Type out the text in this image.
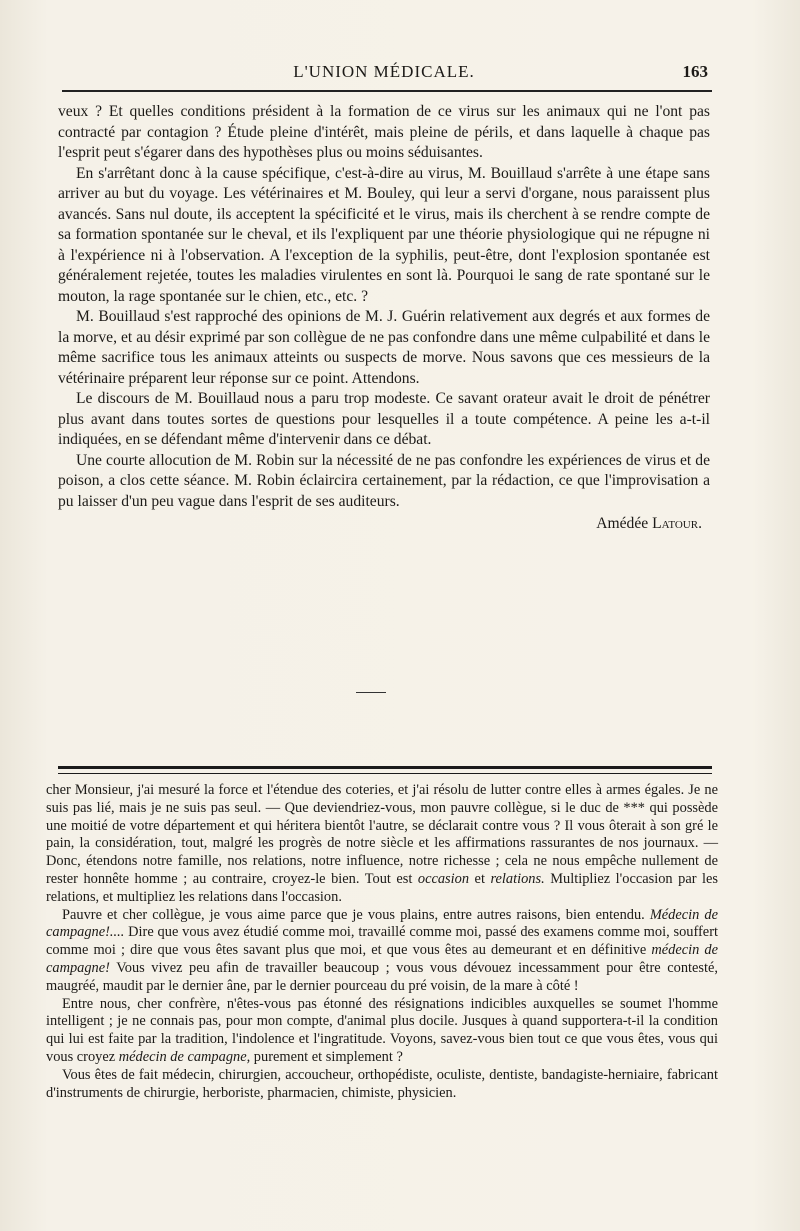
L'UNION MÉDICALE.	163

veux ? Et quelles conditions président à la formation de ce virus sur les animaux qui ne l'ont pas contracté par contagion ? Étude pleine d'intérêt, mais pleine de périls, et dans laquelle à chaque pas l'esprit peut s'égarer dans des hypothèses plus ou moins séduisantes.

En s'arrêtant donc à la cause spécifique, c'est-à-dire au virus, M. Bouillaud s'arrête à une étape sans arriver au but du voyage. Les vétérinaires et M. Bouley, qui leur a servi d'organe, nous paraissent plus avancés. Sans nul doute, ils acceptent la spécificité et le virus, mais ils cherchent à se rendre compte de sa formation spontanée sur le cheval, et ils l'expliquent par une théorie physiologique qui ne répugne ni à l'expérience ni à l'observation. A l'exception de la syphilis, peut-être, dont l'explosion spontanée est généralement rejetée, toutes les maladies virulentes en sont là. Pourquoi le sang de rate spontané sur le mouton, la rage spontanée sur le chien, etc., etc. ?

M. Bouillaud s'est rapproché des opinions de M. J. Guérin relativement aux degrés et aux formes de la morve, et au désir exprimé par son collègue de ne pas confondre dans une même culpabilité et dans le même sacrifice tous les animaux atteints ou suspects de morve. Nous savons que ces messieurs de la vétérinaire préparent leur réponse sur ce point. Attendons.

Le discours de M. Bouillaud nous a paru trop modeste. Ce savant orateur avait le droit de pénétrer plus avant dans toutes sortes de questions pour lesquelles il a toute compétence. A peine les a-t-il indiquées, en se défendant même d'intervenir dans ce débat.

Une courte allocution de M. Robin sur la nécessité de ne pas confondre les expériences de virus et de poison, a clos cette séance. M. Robin éclaircira certainement, par la rédaction, ce que l'improvisation a pu laisser d'un peu vague dans l'esprit de ses auditeurs.

Amédée Latour.

cher Monsieur, j'ai mesuré la force et l'étendue des coteries, et j'ai résolu de lutter contre elles à armes égales. Je ne suis pas lié, mais je ne suis pas seul. — Que deviendriez-vous, mon pauvre collègue, si le duc de *** qui possède une moitié de votre département et qui héritera bientôt l'autre, se déclarait contre vous ? Il vous ôterait à son gré le pain, la considération, tout, malgré les progrès de notre siècle et les affirmations rassurantes de nos journaux. — Donc, étendons notre famille, nos relations, notre influence, notre richesse ; cela ne nous empêche nullement de rester honnête homme ; au contraire, croyez-le bien. Tout est occasion et relations. Multipliez l'occasion par les relations, et multipliez les relations dans l'occasion.

Pauvre et cher collègue, je vous aime parce que je vous plains, entre autres raisons, bien entendu. Médecin de campagne!.... Dire que vous avez étudié comme moi, travaillé comme moi, passé des examens comme moi, souffert comme moi ; dire que vous êtes savant plus que moi, et que vous êtes au demeurant et en définitive médecin de campagne! Vous vivez peu afin de travailler beaucoup ; vous vous dévouez incessamment pour être contesté, maugréé, maudit par le dernier âne, par le dernier pourceau du pré voisin, de la mare à côté !

Entre nous, cher confrère, n'êtes-vous pas étonné des résignations indicibles auxquelles se soumet l'homme intelligent ; je ne connais pas, pour mon compte, d'animal plus docile. Jusques à quand supportera-t-il la condition qui lui est faite par la tradition, l'indolence et l'ingratitude. Voyons, savez-vous bien tout ce que vous êtes, vous qui vous croyez médecin de campagne, purement et simplement ?

Vous êtes de fait médecin, chirurgien, accoucheur, orthopédiste, oculiste, dentiste, bandagiste-herniaire, fabricant d'instruments de chirurgie, herboriste, pharmacien, chimiste, physicien.
